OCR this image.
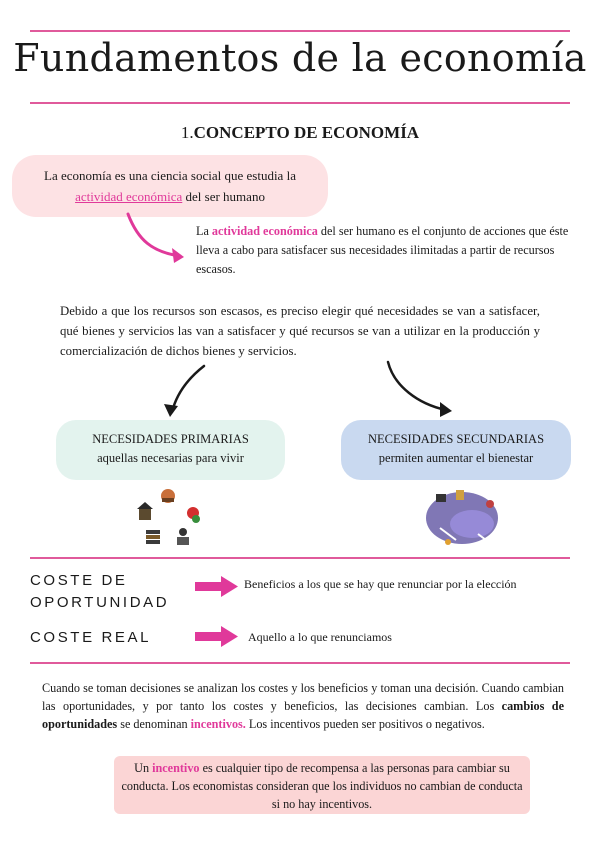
Fundamentos de la economía
1.CONCEPTO DE ECONOMÍA
La economía es una ciencia social que estudia la
actividad económica del ser humano
La actividad económica del ser humano es el conjunto de acciones que éste lleva a cabo para satisfacer sus necesidades ilimitadas a partir de recursos escasos.

Debido a que los recursos son escasos, es preciso elegir qué necesidades se van a satisfacer, qué bienes y servicios las van a satisfacer y qué recursos se van a utilizar en la producción y comercialización de dichos bienes y servicios.

NECESIDADES PRIMARIAS
aquellas necesarias para vivir
NECESIDADES SECUNDARIAS
permiten aumentar el bienestar
COSTE DE
OPORTUNIDAD
Beneficios a los que se hay que renunciar por la elección
COSTE REAL	Aquello a lo que renunciamos

Cuando se toman decisiones se analizan los costes y los beneficios y toman una decisión. Cuando cambian las oportunidades, y por tanto los costes y beneficios, las decisiones cambian. Los cambios de oportunidades se denominan incentivos. Los incentivos pueden ser positivos o negativos.

Un incentivo es cualquier tipo de recompensa a las personas para cambiar su conducta. Los economistas consideran que los individuos no cambian de conducta si no hay incentivos.
